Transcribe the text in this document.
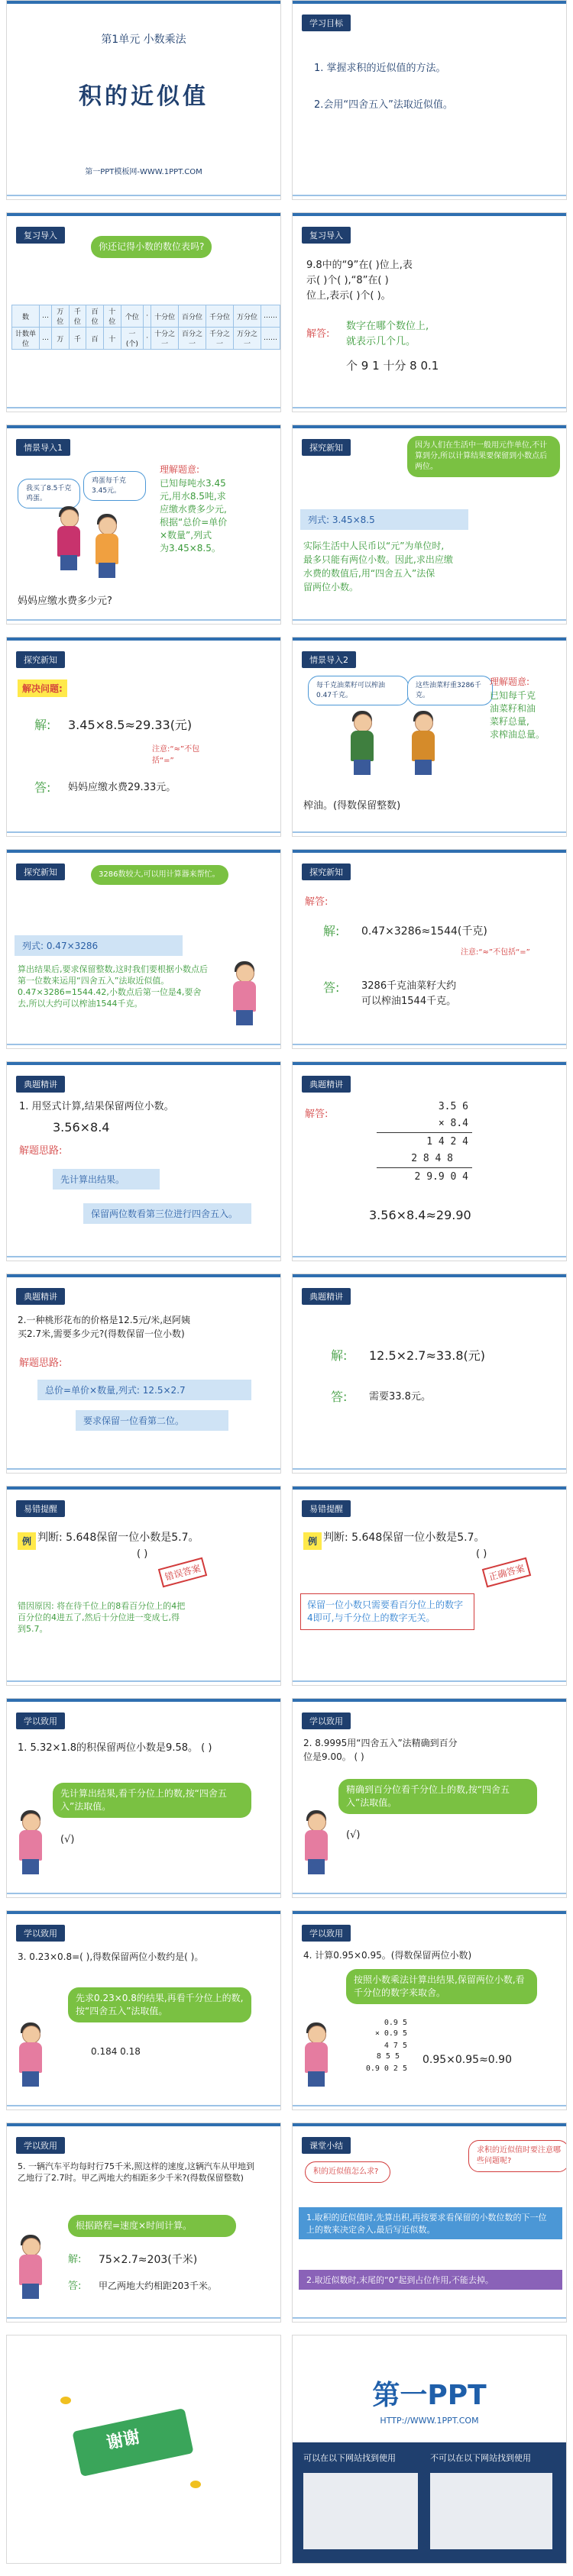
第1单元 小数乘法
积的近似值
第一PPT模板网-WWW.1PPT.COM
学习目标
1. 掌握求积的近似值的方法。
2.会用“四舍五入”法取近似值。
复习导入
你还记得小数的数位表吗?
数	…	万位	千位	百位	十位	个位	·	十分位	百分位	千分位	万分位	……
计数单位	…	万	千	百	十	一(个)	·	十分之一	百分之一	千分之一	万分之一	……
复习导入
9.8中的“9”在( )位上,表
示( )个( ),“8”在( )
位上,表示( )个( )。
解答:
数字在哪个数位上,
就表示几个几。
个 9 1 十分 8 0.1
情景导入1
我买了8.5千克鸡蛋。
鸡蛋每千克3.45元。
理解题意:
已知每吨水3.45
元,用水8.5吨,求
应缴水费多少元,
根据“总价=单价
×数量”,列式
为3.45×8.5。
妈妈应缴水费多少元?
探究新知	因为人们在生活中一般用元作单位,不计算到分,所以计算结果要保留到小数点后两位。
列式: 3.45×8.5
实际生活中人民币以“元”为单位时,
最多只能有两位小数。因此,求出应缴
水费的数值后,用“四舍五入”法保
留两位小数。
探究新知
解决问题:
解: 3.45×8.5≈29.33(元)
注意:“≈”不包
括“=”
答: 妈妈应缴水费29.33元。
情景导入2
每千克油菜籽可以榨油0.47千克。
这些油菜籽重3286千克。
理解题意:
已知每千克
油菜籽和油
菜籽总量,
求榨油总量。
榨油。(得数保留整数)
探究新知	3286数较大,可以用计算器来帮忙。
列式: 0.47×3286
算出结果后,要求保留整数,这时我们要根据小数点后第一位数来运用“四舍五入”法取近似值。0.47×3286=1544.42,小数点后第一位是4,要舍去,所以大约可以榨油1544千克。
探究新知
解答:
解: 0.47×3286≈1544(千克)
注意:“≈”不包括“=”
答: 3286千克油菜籽大约
可以榨油1544千克。
典题精讲
1. 用竖式计算,结果保留两位小数。
3.56×8.4
解题思路:
先计算出结果。
保留两位数看第三位进行四舍五入。
典题精讲
解答:
3.5 6
× 8.4
1 4 2 4
2 8 4 8
2 9.9 0 4
3.56×8.4≈29.90
典题精讲
2.一种桃形花布的价格是12.5元/米,赵阿姨
买2.7米,需要多少元?(得数保留一位小数)
解题思路:
总价=单价×数量,列式: 12.5×2.7
要求保留一位看第二位。
典题精讲
解: 12.5×2.7≈33.8(元)
答: 需要33.8元。
易错提醒
例 判断: 5.648保留一位小数是5.7。
( )
错误答案
错因原因: 将在待千位上的8看百分位上的4把百分位的4进五了,然后十分位进一变成七,得到5.7。
易错提醒
例 判断: 5.648保留一位小数是5.7。
( )
正确答案
保留一位小数只需要看百分位上的数字4即可,与千分位上的数字无关。
学以致用
1. 5.32×1.8的积保留两位小数是9.58。 ( )
先计算出结果,看千分位上的数,按“四舍五入”法取值。
(√)
学以致用
2. 8.9995用“四舍五入”法精确到百分
位是9.00。 ( )
精确到百分位看千分位上的数,按“四舍五入”法取值。
(√)
学以致用
3. 0.23×0.8=( ),得数保留两位小数约是( )。
先求0.23×0.8的结果,再看千分位上的数,按“四舍五入”法取值。
0.184 0.18
学以致用
4. 计算0.95×0.95。(得数保留两位小数)
按照小数乘法计算出结果,保留两位小数,看千分位的数字来取舍。
0.9 5
× 0.9 5
4 7 5
8 5 5
0.9 0 2 5
0.95×0.95≈0.90
学以致用
5. 一辆汽车平均每时行75千米,照这样的速度,这辆汽车从甲地到乙地行了2.7时。甲乙两地大约相距多少千米?(得数保留整数)
根据路程=速度×时间计算。
解: 75×2.7≈203(千米)
答: 甲乙两地大约相距203千米。
课堂小结
积的近似值怎么求?
求积的近似值时要注意哪些问题呢?
1.取积的近似值时,先算出积,再按要求看保留的小数位数的下一位上的数来决定舍入,最后写近似数。
2.取近似数时,末尾的“0”起到占位作用,不能去掉。
谢谢
第一PPT
HTTP://WWW.1PPT.COM
可以在以下网站找到使用	不可以在以下网站找到使用
